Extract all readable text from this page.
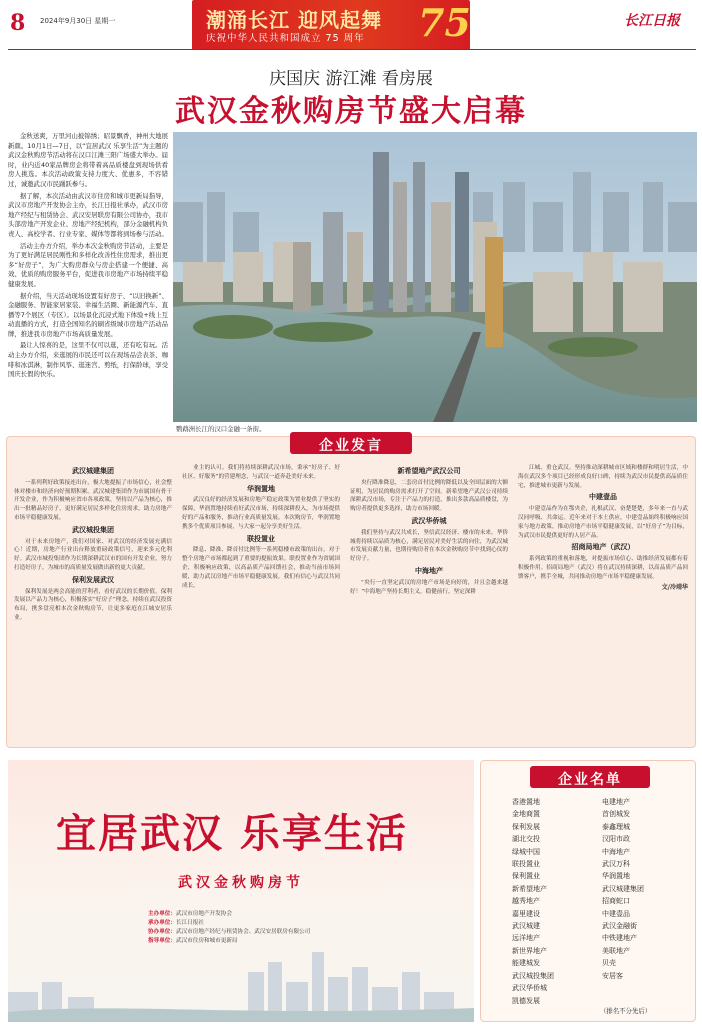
8 2024年9月30日 星期一	潮涌长江 迎风起舞
庆祝中华人民共和国成立 75 周年 75	长江日报
庆国庆 游江滩 看房展
武汉金秋购房节盛大启幕

金秋送爽，万里河山披锦绣；昭景飘香，神州大地展新颜。10月1日—7日，以“宜居武汉 乐享生活”为主题的武汉金秋购房节活动将在汉口江滩三阳广场盛大举办。届时，业内近40家品牌房企将带着高品质楼盘到现场供看房人挑选。本次活动政策支持力度大、优惠多，不容错过，诚邀武汉市民踊跃参与。

据了解，本次活动由武汉市住房和城市更新局指导，武汉市房地产开发协会主办，长江日报社承办，武汉市房地产经纪与租赁协会、武汉安居联房有限公司协办，我市头部房地产开发企业、房地产经纪机构，部分金融机构负责人、高校学者、行业专家、媒体等都将到场参与活动。

活动主办方介绍，举办本次金秋购房节活动，主要是为了更好满足居民刚性和多样化改善性住房需求，推出更多“好房子”，为广大购房群众与房企搭建一个便捷、高效、优质的购房服务平台，促进我市房地产市场持续平稳健康发展。

据介绍，当天活动现场设置有好房子、“以旧换新”、金融服务、智能家居家装、幸福生活圈、新能源汽车、直播等7个展区（专区）。以场景化沉浸式地下体验+线上互动直播的方式，打造全国知名的刷省级城市房地产活动品牌，推进我市房地产市场高质量发展。

最让人惊喜的是，这里不仅可以逛，还有吃有玩。活动主办方介绍，来逛展的市民还可以在现场品尝表茶、咖啡和冰淇淋，制作风筝、逛迷宫、剪纸，打保龄球，享受国庆长假的快乐。

鹦鹉洲长江的汉口金融一条街。
企业发言
武汉城建集团

一系列利好政策接连出台，极大地提振了市场信心，社会整体对楼市和经济向好预期积累。武汉城建集团作为市属国有骨干开发企业，作为积极响应省市各项政策，坚持以产品为核心，推出一批精品好房子，更好满足居民多样化住房需求，助力房地产市场平稳健康发展。

武汉城投集团

对于未来房地产，我们对国家、对武汉的经济发展充满信心！近期，房地产行业出台释放重磅政策信号，迎来多元化利好。武汉市城投集团作为长期深耕武汉市的国有开发企业，努力打造好房子，为城市的高质量发展做出新的更大贡献。

保利发展武汉

保利发展是两会高能的营利者，看好武汉的长期价值。保利发展以产品力为核心，积极落实“好房子”理念，持续在武汉投资布局，携多盘亮相本次金秋购房节，让更多家庭在江城安居乐业。

业主的认可。我们将持续深耕武汉市场，秉承“好房子、好社区、好服务”的营建理念，与武汉一道奔赴美好未来。

华润置地

武汉良好的经济发展和房地产稳定政策为置业提供了坚实的保障，华润置地持续看好武汉市场，持续深耕投入，为市场提供好的产品和服务，推动行业高质量发展。本次购房节，华润置地携多个优质项目参展，与大家一起分享美好生活。

联投置业

降息、降准、降首付比例等一系列稳楼市政策的出台，对于整个房地产市场都起到了重要的提振效果。联投置业作为省属国企，积极响应政策，以高品质产品回馈社会，推动当前市场回暖，助力武汉房地产市场平稳健康发展，我们有信心与武汉共同成长。

新希望地产武汉公司

央行降准降息，二套房首付比例的降低以及全国层面的大额证明，为居民的购房需求打开了空间。新希望地产武汉公司持续深耕武汉市场，专注于产品力的打造，推出多款高品质楼盘，为购房者提供更多选择，助力市场回暖。

武汉华侨城

我们坚持与武汉共成长，坚信武汉经济、楼市的未来。华侨城将持续以品质为核心，满足居民对美好生活的向往，为武汉城市发展贡献力量，也期待购房者在本次金秋购房节中找到心仪的好房子。

中海地产

“央行一直坚定武汉的房地产市场是向好的，并且会越来越好！”中海地产坚持长期主义，稳健前行，坚定深耕

江城、重仓武汉。坚持推动深耕城市区域和楼群和明居生活，中海在武汉多个项目已经形成良好口碑，持续为武汉市民提供高品质住宅，推进城市更新与发展。

中建壹品

中建壹品作为在鄂央企，扎根武汉、奋楚楚楚，多年来一直与武汉同呼吸、共命运。近年来对于本土供应，中建壹品始终积极响应国家与地方政策，推动房地产市场平稳健康发展，以“好房子”为目标，为武汉市民提供更好的人居产品。

招商局地产（武汉）

系列政策的重视和落地，对提振市场信心、助推经济发展都有着积极作用。招商局地产（武汉）将在武汉持续深耕，以高品质产品回馈客户，携手全城，共同推动房地产市场平稳健康发展。

文/冷靖华
宜居武汉 乐享生活
武汉金秋购房节
主办单位：武汉市房地产开发协会
承办单位：长江日报社
协办单位：武汉市房地产经纪与租赁协会、武汉安居联房有限公司
指导单位：武汉市住房和城市更新局
企业名单
香港置地
金地商置
保利发展
湖北交投
绿城中国
联投置业
保利置业
新希望地产
越秀地产
嘉里建设
武汉城建
远洋地产
新世界地产
能建城发
武汉城投集团
武汉华侨城
凯德发展
电建地产
首创城发
泰鑫理城
汉阳市政
中海地产
武汉万科
华润置地
武汉城建集团
招商蛇口
中建壹品
武汉金融街
中铁建地产
美联地产
贝壳
安居客
（排名不分先后）
